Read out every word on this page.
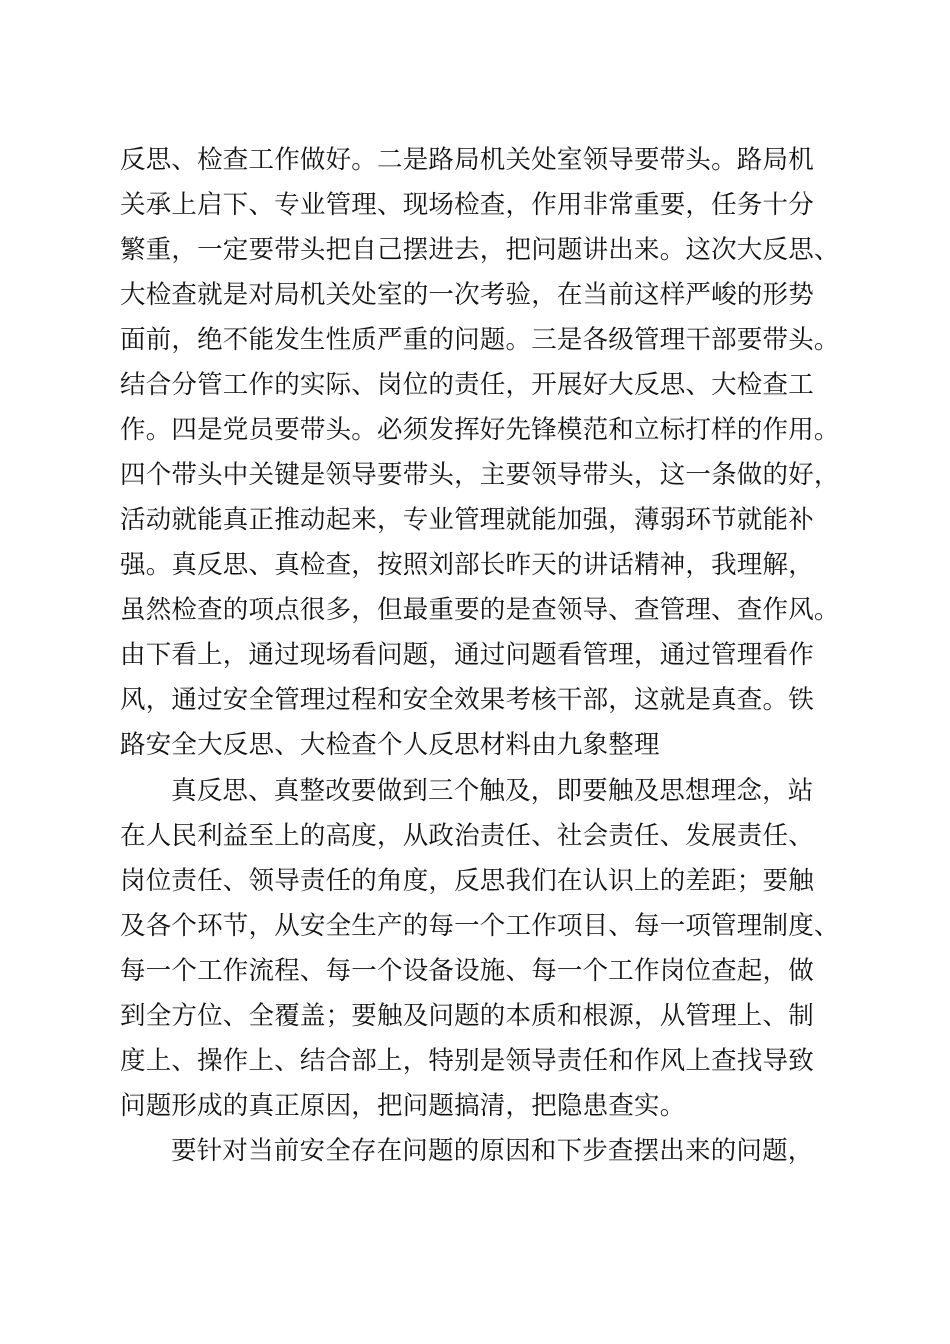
反思、检查工作做好。二是路局机关处室领导要带头。路局机
关承上启下、专业管理、现场检查，作用非常重要，任务十分
繁重，一定要带头把自己摆进去，把问题讲出来。这次大反思、
大检查就是对局机关处室的一次考验，在当前这样严峻的形势
面前，绝不能发生性质严重的问题。三是各级管理干部要带头。
结合分管工作的实际、岗位的责任，开展好大反思、大检查工
作。四是党员要带头。必须发挥好先锋模范和立标打样的作用。
四个带头中关键是领导要带头，主要领导带头，这一条做的好，
活动就能真正推动起来，专业管理就能加强，薄弱环节就能补
强。真反思、真检查，按照刘部长昨天的讲话精神，我理解，
虽然检查的项点很多，但最重要的是查领导、查管理、查作风。
由下看上，通过现场看问题，通过问题看管理，通过管理看作
风，通过安全管理过程和安全效果考核干部，这就是真查。铁
路安全大反思、大检查个人反思材料由九象整理
真反思、真整改要做到三个触及，即要触及思想理念，站
在人民利益至上的高度，从政治责任、社会责任、发展责任、
岗位责任、领导责任的角度，反思我们在认识上的差距；要触
及各个环节，从安全生产的每一个工作项目、每一项管理制度、
每一个工作流程、每一个设备设施、每一个工作岗位查起，做
到全方位、全覆盖；要触及问题的本质和根源，从管理上、制
度上、操作上、结合部上，特别是领导责任和作风上查找导致
问题形成的真正原因，把问题搞清，把隐患查实。
要针对当前安全存在问题的原因和下步查摆出来的问题，
